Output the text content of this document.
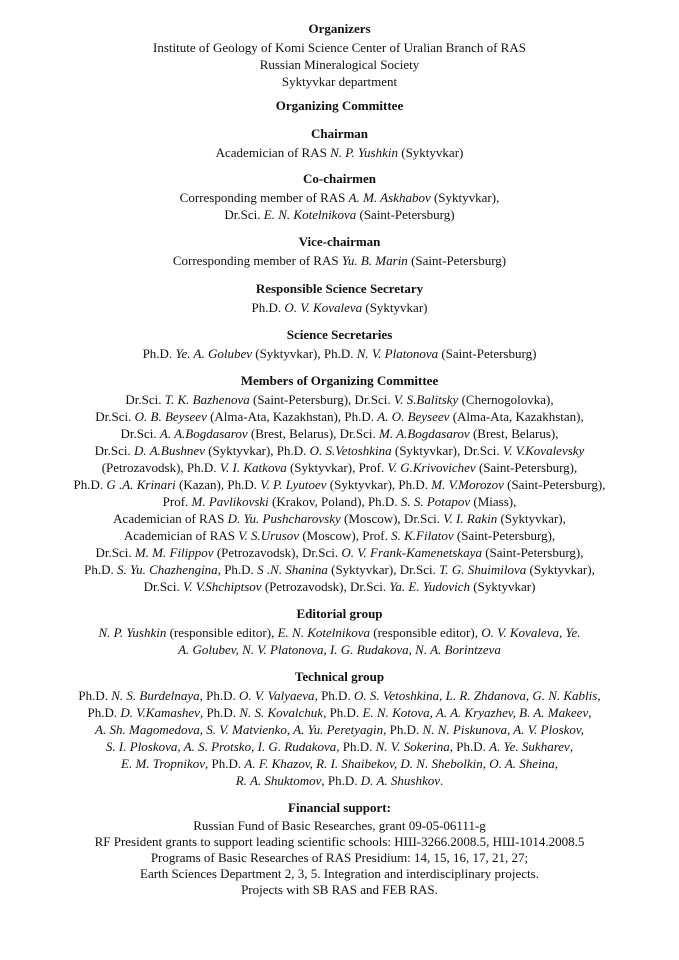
Organizers

Institute of Geology of Komi Science Center of Uralian Branch of RAS

Russian Mineralogical Society

Syktyvkar department

Organizing Committee

Chairman

Academician of RAS N. P. Yushkin (Syktyvkar)

Co-chairmen

Corresponding member of RAS A. M. Askhabov (Syktyvkar),

Dr.Sci. E. N. Kotelnikova (Saint-Petersburg)

Vice-chairman

Corresponding member of RAS Yu. B. Marin (Saint-Petersburg)

Responsible Science Secretary

Ph.D. O. V. Kovaleva (Syktyvkar)

Science Secretaries

Ph.D. Ye. A. Golubev (Syktyvkar), Ph.D. N. V. Platonova (Saint-Petersburg)

Members of Organizing Committee

Dr.Sci. T. K. Bazhenova (Saint-Petersburg), Dr.Sci. V. S.Balitsky (Chernogolovka),

Dr.Sci. O. B. Beyseev (Alma-Ata, Kazakhstan), Ph.D. A. O. Beyseev (Alma-Ata, Kazakhstan),

Dr.Sci. A. A.Bogdasarov (Brest, Belarus), Dr.Sci. M. A.Bogdasarov (Brest, Belarus),

Dr.Sci. D. A.Bushnev (Syktyvkar), Ph.D. O. S.Vetoshkina (Syktyvkar), Dr.Sci. V. V.Kovalevsky

(Petrozavodsk), Ph.D. V. I. Katkova (Syktyvkar), Prof. V. G.Krivovichev (Saint-Petersburg),

Ph.D. G .A. Krinari (Kazan), Ph.D. V. P. Lyutoev (Syktyvkar), Ph.D. M. V.Morozov (Saint-Petersburg),

Prof. M. Pavlikovski (Krakov, Poland), Ph.D. S. S. Potapov (Miass),

Academician of RAS D. Yu. Pushcharovsky (Moscow), Dr.Sci. V. I. Rakin (Syktyvkar),

Academician of RAS V. S.Urusov (Moscow), Prof. S. K.Filatov (Saint-Petersburg),

Dr.Sci. M. M. Filippov (Petrozavodsk), Dr.Sci. O. V. Frank-Kamenetskaya (Saint-Petersburg),

Ph.D. S. Yu. Chazhengina, Ph.D. S .N. Shanina (Syktyvkar), Dr.Sci. T. G. Shuimilova (Syktyvkar),

Dr.Sci. V. V.Shchiptsov (Petrozavodsk), Dr.Sci. Ya. E. Yudovich (Syktyvkar)

Editorial group

N. P. Yushkin (responsible editor), E. N. Kotelnikova (responsible editor), O. V. Kovaleva, Ye.

A. Golubev, N. V. Platonova, I. G. Rudakova, N. A. Borintzeva

Technical group

Ph.D. N. S. Burdelnaya, Ph.D. O. V. Valyaeva, Ph.D. O. S. Vetoshkina, L. R. Zhdanova, G. N. Kablis,

Ph.D. D. V.Kamashev, Ph.D. N. S. Kovalchuk, Ph.D. E. N. Kotova, A. A. Kryazhev, B. A. Makeev,

A. Sh. Magomedova, S. V. Matvienko, A. Yu. Peretyagin, Ph.D. N. N. Piskunova, A. V. Ploskov,

S. I. Ploskova, A. S. Protsko, I. G. Rudakova, Ph.D. N. V. Sokerina, Ph.D. A. Ye. Sukharev,

E. M. Tropnikov, Ph.D. A. F. Khazov, R. I. Shaibekov, D. N. Shebolkin, O. A. Sheina,

R. A. Shuktomov, Ph.D. D. A. Shushkov.

Financial support:

Russian Fund of Basic Researches, grant 09-05-06111-g

RF President grants to support leading scientific schools: НШ-3266.2008.5, НШ-1014.2008.5

Programs of Basic Researches of RAS Presidium: 14, 15, 16, 17, 21, 27;

Earth Sciences Department 2, 3, 5. Integration and interdisciplinary projects.

Projects with SB RAS and FEB RAS.
